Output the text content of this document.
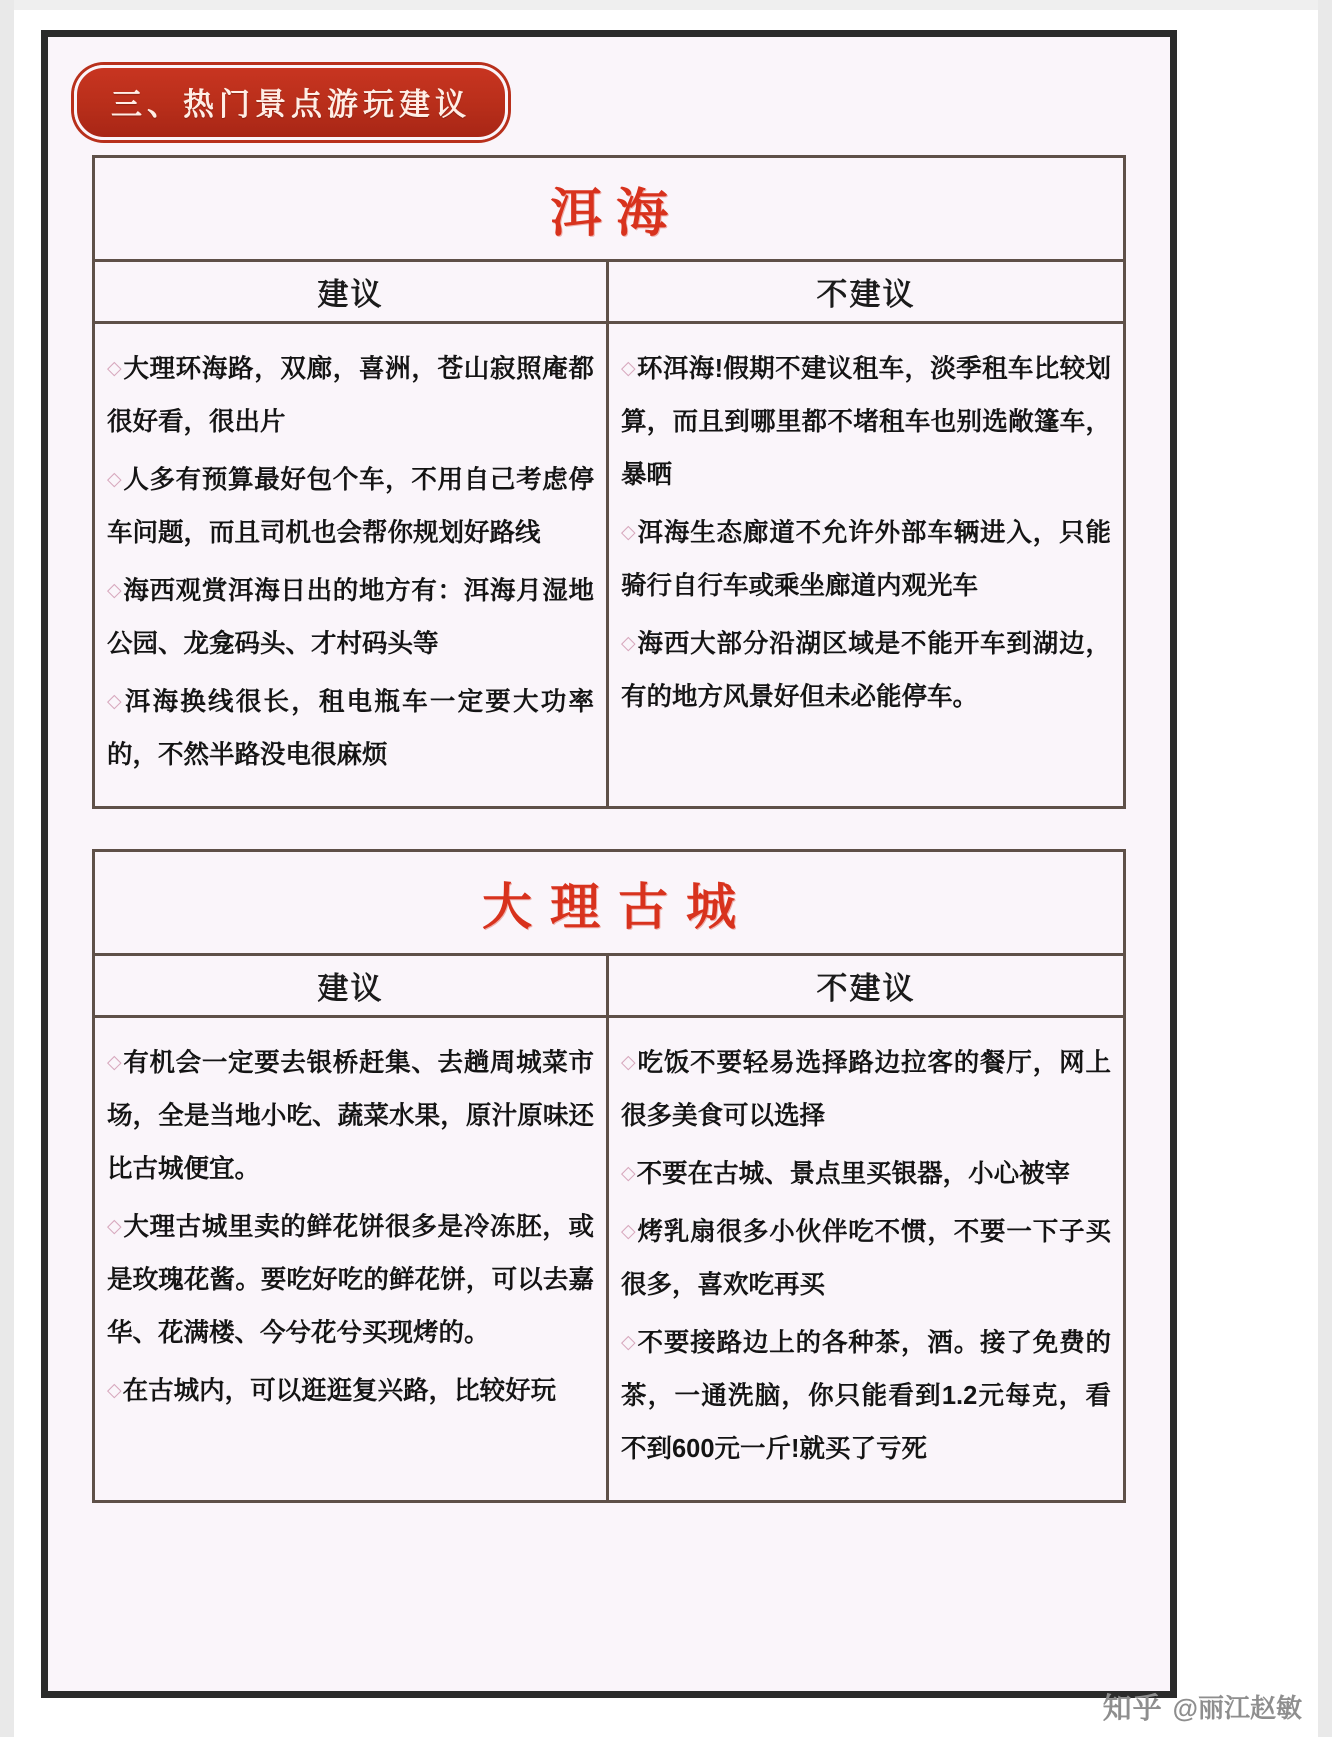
三、热门景点游玩建议
洱海
建议	不建议

◇大理环海路，双廊，喜洲，苍山寂照庵都很好看，很出片

◇人多有预算最好包个车，不用自己考虑停车问题，而且司机也会帮你规划好路线

◇海西观赏洱海日出的地方有：洱海月湿地公园、龙龛码头、才村码头等

◇洱海换线很长，租电瓶车一定要大功率的，不然半路没电很麻烦

◇环洱海!假期不建议租车，淡季租车比较划算，而且到哪里都不堵租车也别选敞篷车，暴晒

◇洱海生态廊道不允许外部车辆进入，只能骑行自行车或乘坐廊道内观光车

◇海西大部分沿湖区域是不能开车到湖边，有的地方风景好但未必能停车。

大理古城
建议	不建议

◇有机会一定要去银桥赶集、去趟周城菜市场，全是当地小吃、蔬菜水果，原汁原味还比古城便宜。

◇大理古城里卖的鲜花饼很多是冷冻胚，或是玫瑰花酱。要吃好吃的鲜花饼，可以去嘉华、花满楼、今兮花兮买现烤的。

◇在古城内，可以逛逛复兴路，比较好玩

◇吃饭不要轻易选择路边拉客的餐厅，网上很多美食可以选择

◇不要在古城、景点里买银器，小心被宰

◇烤乳扇很多小伙伴吃不惯，不要一下子买很多，喜欢吃再买

◇不要接路边上的各种茶，酒。接了免费的茶，一通洗脑，你只能看到1.2元每克，看不到600元一斤!就买了亏死

知乎 @丽江赵敏
